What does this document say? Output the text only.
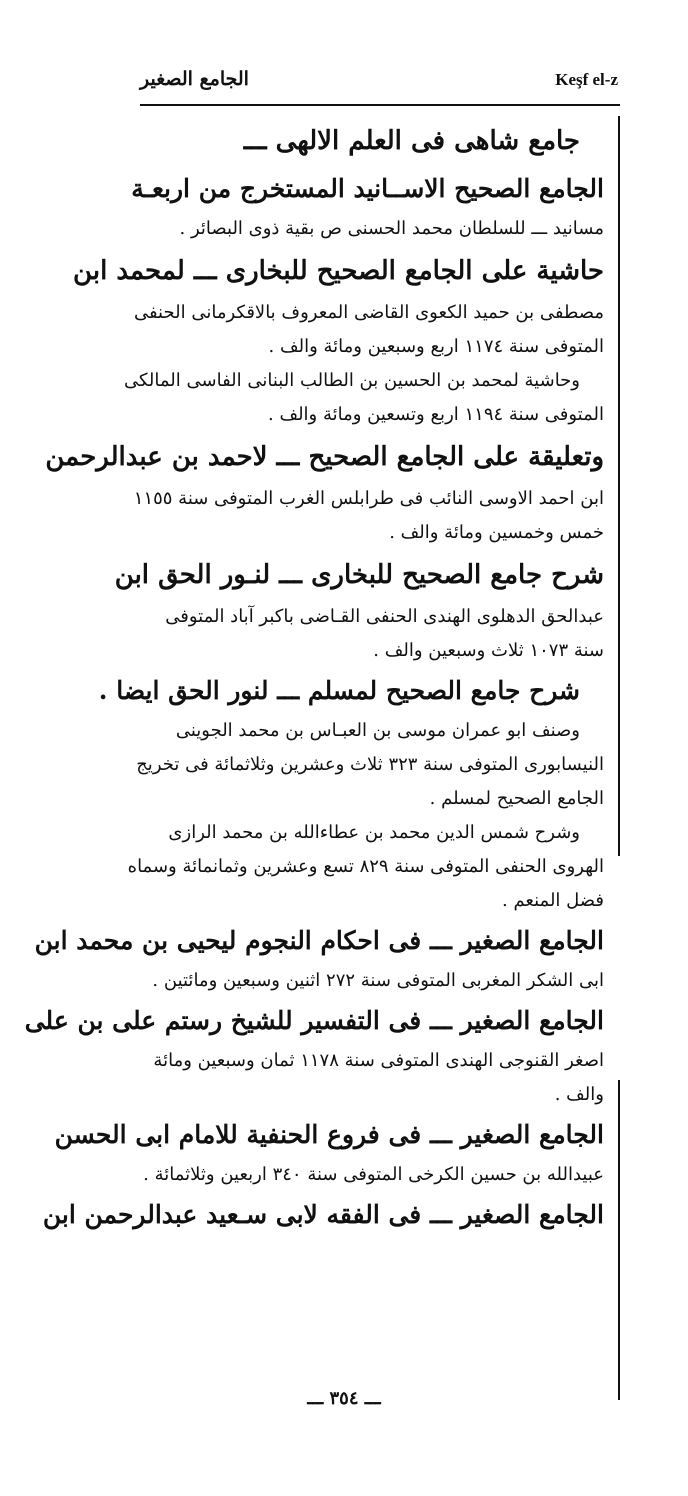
الجامع الصغير	Keşf el-z
جامع شاهى فى العلم الالهى ـــ
الجامع الصحيح الاســانيد المستخرج من اربعـة
مسانيد ـــ للسلطان محمد الحسنى ص بقية ذوى البصائر .
حاشية على الجامع الصحيح للبخارى ـــ لمحمد ابن
مصطفى بن حميد الكعوى القاضى المعروف بالاقكرمانى الحنفى
المتوفى سنة ١١٧٤ اربع وسبعين ومائة والف .
وحاشية لمحمد بن الحسين بن الطالب البنانى الفاسى المالكى
المتوفى سنة ١١٩٤ اربع وتسعين ومائة والف .
وتعليقة على الجامع الصحيح ـــ لاحمد بن عبدالرحمن
ابن احمد الاوسى النائب فى طرابلس الغرب المتوفى سنة ١١٥٥
خمس وخمسين ومائة والف .
شرح جامع الصحيح للبخارى ـــ لنـور الحق ابن
عبدالحق الدهلوى الهندى الحنفى القـاضى باكبر آباد المتوفى
سنة ١٠٧٣ ثلاث وسبعين والف .
شرح جامع الصحيح لمسلم ـــ لنور الحق ايضا .
وصنف ابو عمران موسى بن العبـاس بن محمد الجوينى
النيسابورى المتوفى سنة ٣٢٣ ثلاث وعشرين وثلاثمائة فى تخريج
الجامع الصحيح لمسلم .
وشرح شمس الدين محمد بن عطاءالله بن محمد الرازى
الهروى الحنفى المتوفى سنة ٨٢٩ تسع وعشرين وثمانمائة وسماه
فضل المنعم .
الجامع الصغير ـــ فى احكام النجوم ليحيى بن محمد ابن
ابى الشكر المغربى المتوفى سنة ٢٧٢ اثنين وسبعين ومائتين .
الجامع الصغير ـــ فى التفسير للشيخ رستم على بن على
اصغر القنوجى الهندى المتوفى سنة ١١٧٨ ثمان وسبعين ومائة
والف .
الجامع الصغير ـــ فى فروع الحنفية للامام ابى الحسن
عبيدالله بن حسين الكرخى المتوفى سنة ٣٤٠ اربعين وثلاثمائة .
الجامع الصغير ـــ فى الفقه لابى سـعيد عبدالرحمن ابن
ـــ ٣٥٤ ـــ
